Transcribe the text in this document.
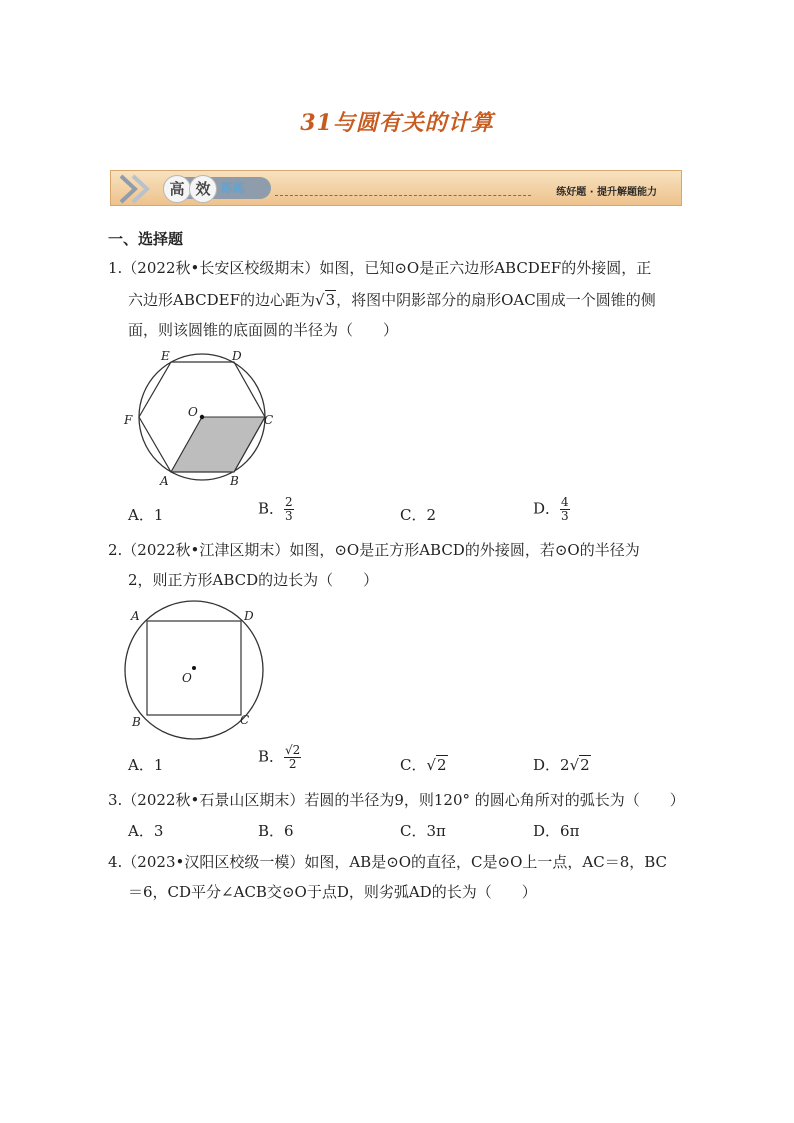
31与圆有关的计算
高 效 练练	练好题 · 提升解题能力
一、选择题
1.（2022秋•长安区校级期末）如图，已知⊙O是正六边形ABCDEF的外接圆，正
六边形ABCDEF的边心距为√3，将图中阴影部分的扇形OAC围成一个圆锥的侧
面，则该圆锥的底面圆的半径为（　　）
O
A	B
C
D
E
F
A．1	B． $\frac{2}{3}$	C．2	D． $\frac{4}{3}$
2.（2022秋•江津区期末）如图，⊙O是正方形ABCD的外接圆，若⊙O的半径为
2，则正方形ABCD的边长为（　　）
O
A	D
B	C
A．1	B． $\frac{√2}{2}$	C．√2	D．2√2
3.（2022秋•石景山区期末）若圆的半径为9，则120° 的圆心角所对的弧长为（　　）
A．3	B．6	C．3π	D．6π
4.（2023•汉阳区校级一模）如图，AB是⊙O的直径，C是⊙O上一点，AC＝8，BC
＝6，CD平分∠ACB交⊙O于点D，则劣弧AD的长为（　　）
